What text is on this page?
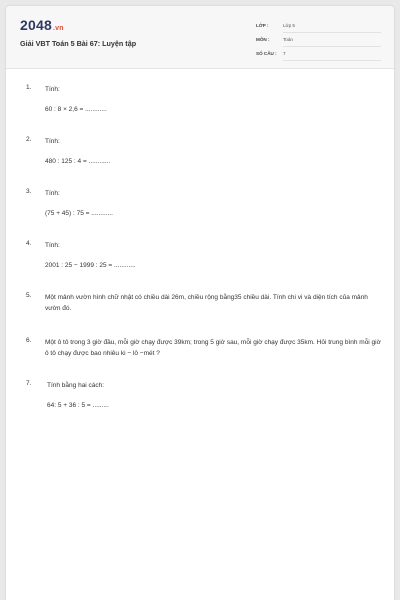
2048.vn
Giải VBT Toán 5 Bài 67: Luyện tập
LỚP :	Lớp 5
MÔN :	Toán
SỐ CÂU : 7
1. Tính:
60 : 8 × 2,6 = ............
2. Tính:
480 : 125 : 4 = ............
3. Tính:
(75 + 45) : 75 = ............
4. Tính:
2001 : 25 − 1999 : 25 = ............
5. Một mảnh vườn hình chữ nhật có chiều dài 26m, chiều rộng bằng35 chiều dài. Tính chi vi và diện tích của mảnh vườn đó.
6. Một ô tô trong 3 giờ đầu, mỗi giờ chạy được 39km; trong 5 giờ sau, mỗi giờ chạy được 35km. Hỏi trung bình mỗi giờ ô tô chạy được bao nhiêu ki − lô −mét ?
7. Tính bằng hai cách:
64: 5 + 36 : 5 = .........
